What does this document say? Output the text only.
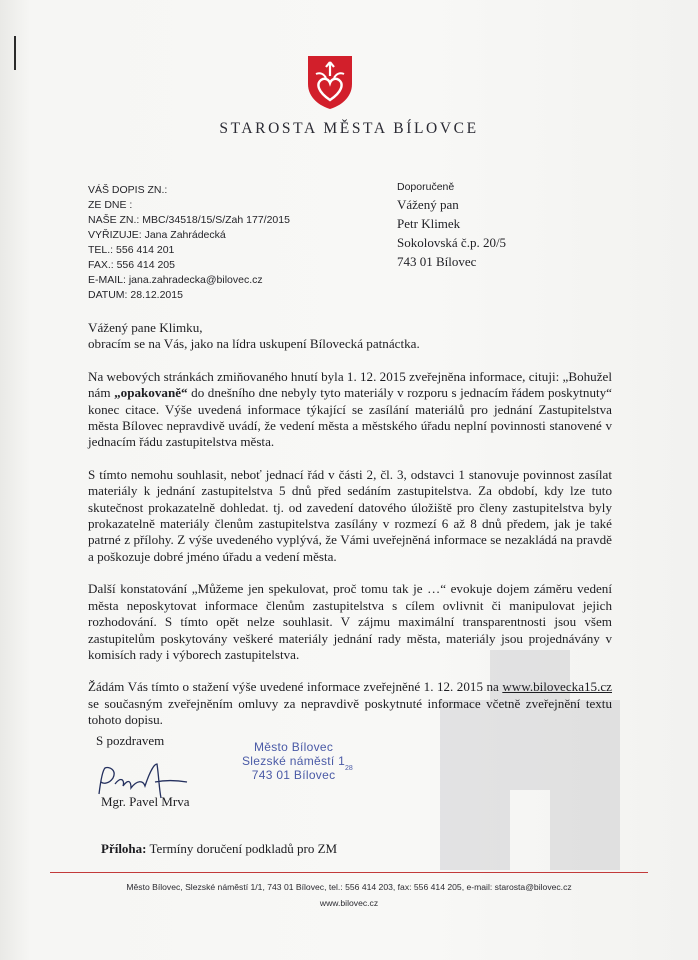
STAROSTA MĚSTA BÍLOVCE
VÁŠ DOPIS ZN.:
ZE DNE :
NAŠE ZN.: MBC/34518/15/S/Zah 177/2015
VYŘIZUJE: Jana Zahrádecká
TEL.: 556 414 201
FAX.: 556 414 205
E-MAIL: jana.zahradecka@bilovec.cz
DATUM: 28.12.2015
Doporučeně
Vážený pan
Petr Klimek
Sokolovská č.p. 20/5
743 01 Bílovec

Vážený pane Klimku,

obracím se na Vás, jako na lídra uskupení Bílovecká patnáctka.

Na webových stránkách zmiňovaného hnutí byla 1. 12. 2015 zveřejněna informace, cituji: „Bohužel nám „opakovaně“ do dnešního dne nebyly tyto materiály v rozporu s jednacím řádem poskytnuty“ konec citace. Výše uvedená informace týkající se zasílání materiálů pro jednání Zastupitelstva města Bílovec nepravdivě uvádí, že vedení města a městského úřadu neplní povinnosti stanovené v jednacím řádu zastupitelstva města.

S tímto nemohu souhlasit, neboť jednací řád v části 2, čl. 3, odstavci 1 stanovuje povinnost zasílat materiály k jednání zastupitelstva 5 dnů před sedáním zastupitelstva. Za období, kdy lze tuto skutečnost prokazatelně dohledat. tj. od zavedení datového úložiště pro členy zastupitelstva byly prokazatelně materiály členům zastupitelstva zasílány v rozmezí 6 až 8 dnů předem, jak je také patrné z přílohy. Z výše uvedeného vyplývá, že Vámi uveřejněná informace se nezakládá na pravdě a poškozuje dobré jméno úřadu a vedení města.

Další konstatování „Můžeme jen spekulovat, proč tomu tak je …“ evokuje dojem záměru vedení města neposkytovat informace členům zastupitelstva s cílem ovlivnit či manipulovat jejich rozhodování. S tímto opět nelze souhlasit. V zájmu maximální transparentnosti jsou všem zastupitelům poskytovány veškeré materiály jednání rady města, materiály jsou projednávány v komisích rady i výborech zastupitelstva.

Žádám Vás tímto o stažení výše uvedené informace zveřejněné 1. 12. 2015 na www.bilovecka15.cz se současným zveřejněním omluvy za nepravdivě poskytnuté informace včetně zveřejnění textu tohoto dopisu.

S pozdravem
Mgr. Pavel Mrva
Město Bílovec
Slezské náměstí 1
743 01 Bílovec	28
Příloha: Termíny doručení podkladů pro ZM
Město Bílovec, Slezské náměstí 1/1, 743 01 Bílovec, tel.: 556 414 203, fax: 556 414 205, e-mail: starosta@bilovec.cz
www.bilovec.cz
